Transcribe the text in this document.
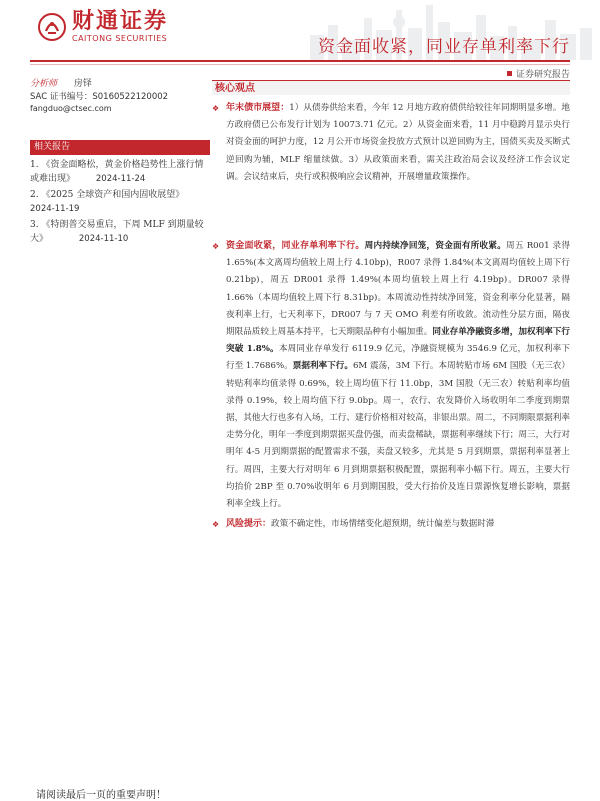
财通证券
CAITONG SECURITIES	资金面收紧，同业存单利率下行
证券研究报告
分析师 房铎
SAC 证书编号：S0160522120002
fangduo@ctsec.com
相关报告
1. 《资金面略松，黄金价格趋势性上涨行情或难出现》 2024-11-24
2. 《2025 全球资产和国内固收展望》
2024-11-19
3. 《特朗普交易重启，下周 MLF 到期量较大》	2024-11-10
核心观点
❖ 年末债市展望：1）从债券供给来看，今年 12 月地方政府债供给较往年同期明显多增。地方政府债已公布发行计划为 10073.71 亿元。2）从资金面来看，11 月中稳跨月显示央行对资金面的呵护力度，12 月公开市场资金投放方式预计以逆回购为主，国债买卖及买断式逆回购为辅，MLF 缩量续做。3）从政策面来看，需关注政治局会议及经济工作会议定调。会议结束后，央行或积极响应会议精神，开展增量政策操作。
❖ 资金面收紧，同业存单利率下行。周内持续净回笼，资金面有所收紧。周五 R001 录得 1.65%(本文离周均值较上周上行 4.10bp)，R007 录得 1.84%(本文离周均值较上周下行 0.21bp)，周五 DR001 录得 1.49%(本周均值较上周上行 4.19bp)。DR007 录得 1.66%（本周均值较上周下行 8.31bp)。本周流动性持续净回笼，资金利率分化显著，隔夜利率上行，七天利率下，DR007 与 7 天 OMO 利差有所收敛。流动性分层方面，隔夜期限品质较上周基本持平，七天期限品种有小幅加重。同业存单净融资多增，加权利率下行突破 1.8%。本周同业存单发行 6119.9 亿元，净融资规模为 3546.9 亿元，加权利率下行至 1.7686%。票据利率下行。6M 震荡，3M 下行。本周转贴市场 6M 国股（无三农）转贴利率均值录得 0.69%，较上周均值下行 11.0bp，3M 国股（无三农）转贴利率均值录得 0.19%，较上周均值下行 9.0bp。周一，农行、农发降价入场收明年二季度到期票据，其他大行也多有入场，工行、建行价格相对较高，非银出票。周二，不同期限票据利率走势分化，明年一季度到期票据买盘仍强，而卖盘稀缺，票据利率继续下行；周三，大行对明年 4-5 月到期票据的配置需求不强，卖盘又较多，尤其是 5 月到期票，票据利率显著上行。周四，主要大行对明年 6 月到期票据积极配置，票据利率小幅下行。周五，主要大行均抬价 2BP 至 0.70%收明年 6 月到期国股，受大行抬价及连日票源恢复增长影响，票据利率全线上行。
❖ 风险提示：政策不确定性，市场情绪变化超预期，统计偏差与数据时滞
请阅读最后一页的重要声明！
